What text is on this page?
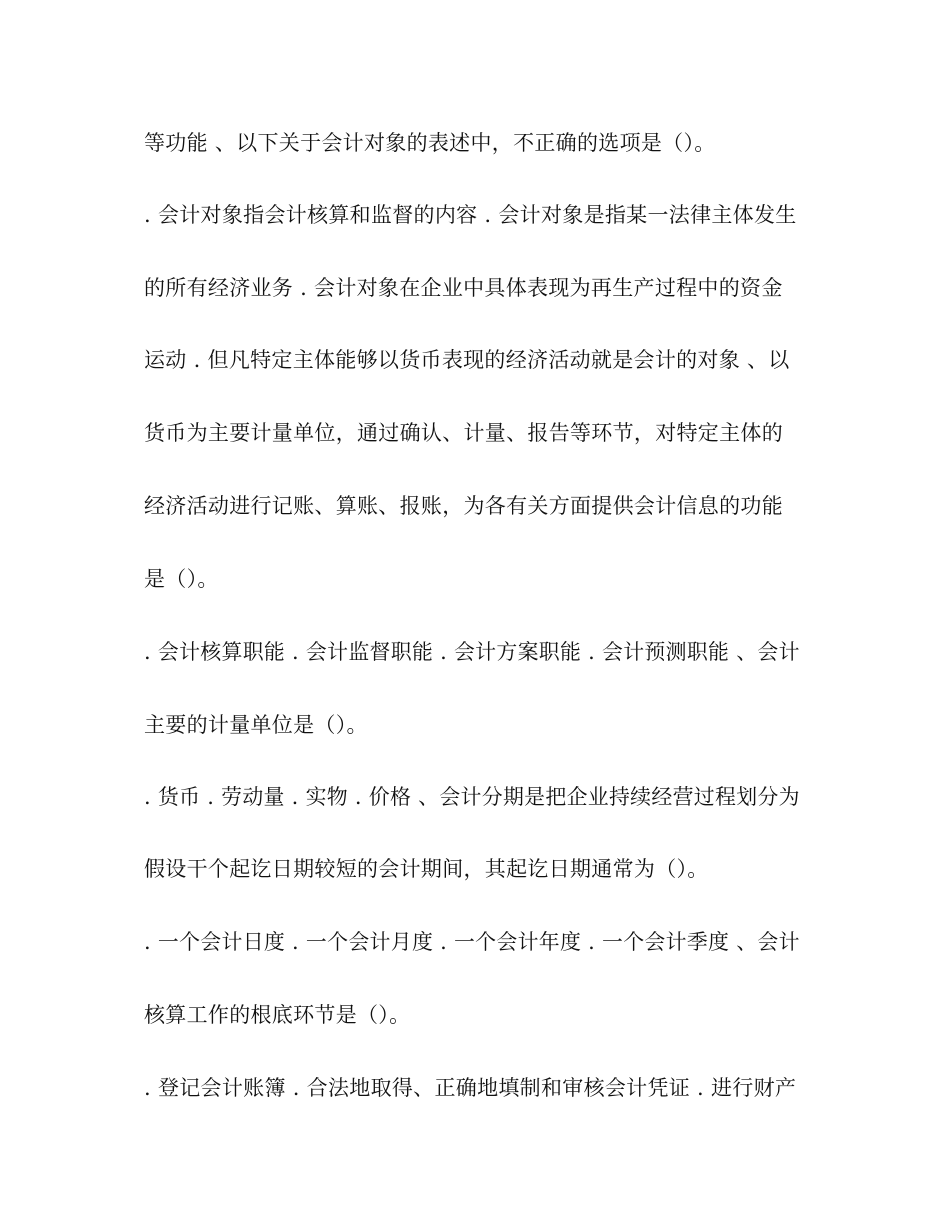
等功能 、以下关于会计对象的表述中，不正确的选项是（）。
. 会计对象指会计核算和监督的内容 . 会计对象是指某一法律主体发生
的所有经济业务 . 会计对象在企业中具体表现为再生产过程中的资金
运动 . 但凡特定主体能够以货币表现的经济活动就是会计的对象 、以
货币为主要计量单位，通过确认、计量、报告等环节，对特定主体的
经济活动进行记账、算账、报账，为各有关方面提供会计信息的功能
是（）。
. 会计核算职能 . 会计监督职能 . 会计方案职能 . 会计预测职能 、会计
主要的计量单位是（）。
. 货币 . 劳动量 . 实物 . 价格 、会计分期是把企业持续经营过程划分为
假设干个起讫日期较短的会计期间，其起讫日期通常为（）。
. 一个会计日度 . 一个会计月度 . 一个会计年度 . 一个会计季度 、会计
核算工作的根底环节是（）。
. 登记会计账簿 . 合法地取得、正确地填制和审核会计凭证 . 进行财产
